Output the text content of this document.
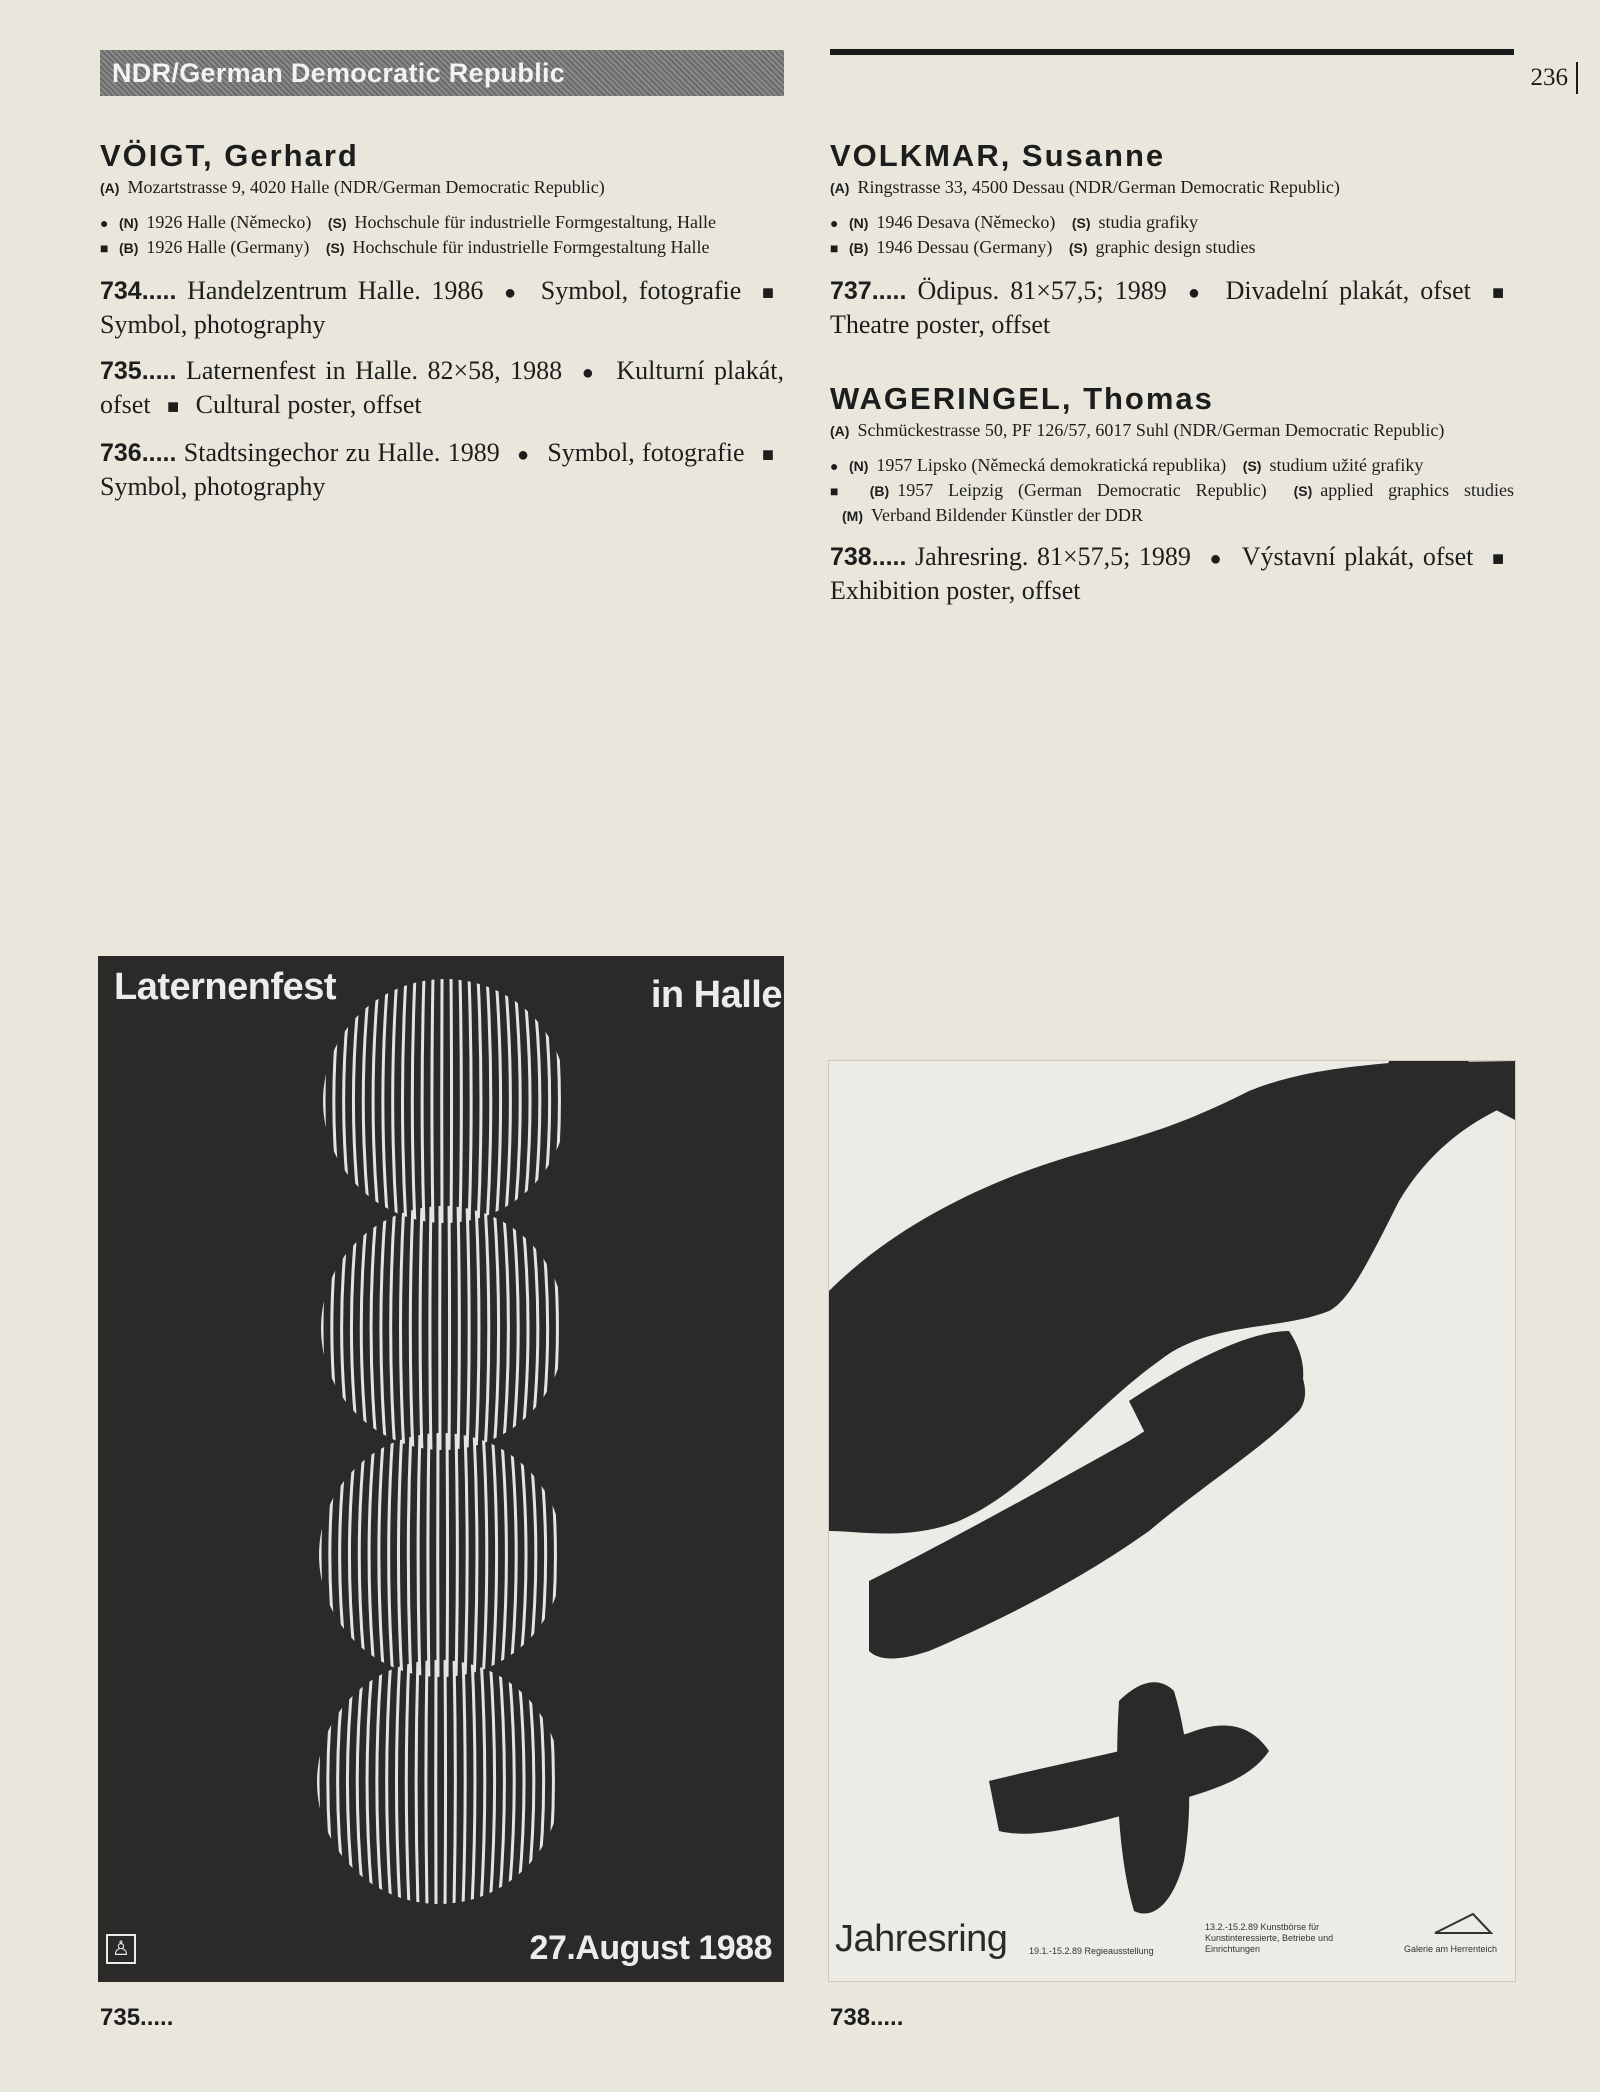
NDR/German Democratic Republic	236
VÖIGT, Gerhard
(A) Mozartstrasse 9, 4020 Halle (NDR/German Democratic Republic)
● (N) 1926 Halle (Německo) (S) Hochschule für industrielle Formgestaltung, Halle
■ (B) 1926 Halle (Germany) (S) Hochschule für industrielle Formgestaltung Halle
734..... Handelzentrum Halle. 1986 ● Symbol, fotografie ■ Symbol, photography
735..... Laternenfest in Halle. 82×58, 1988 ● Kulturní plakát, ofset ■ Cultural poster, offset
736..... Stadtsingechor zu Halle. 1989 ● Symbol, fotografie ■ Symbol, photography
VOLKMAR, Susanne
(A) Ringstrasse 33, 4500 Dessau (NDR/German Democratic Republic)
● (N) 1946 Desava (Německo) (S) studia grafiky
■ (B) 1946 Dessau (Germany) (S) graphic design studies
737..... Ödipus. 81×57,5; 1989 ● Divadelní plakát, ofset ■ Theatre poster, offset
WAGERINGEL, Thomas
(A) Schmückestrasse 50, PF 126/57, 6017 Suhl (NDR/German Democratic Republic)
● (N) 1957 Lipsko (Německá demokratická republika) (S) studium užité grafiky
■ (B) 1957 Leipzig (German Democratic Republic) (S) applied graphics studies (M) Verband Bildender Künstler der DDR
738..... Jahresring. 81×57,5; 1989 ● Výstavní plakát, ofset ■ Exhibition poster, offset
Laternenfest	in Halle
♙	27.August 1988
735.....
Jahresring 19.1.-15.2.89 Regieausstellung
13.2.-15.2.89 Kunstbörse für Kunstinteressierte, Betriebe und Einrichtungen	Galerie am Herrenteich
738.....
